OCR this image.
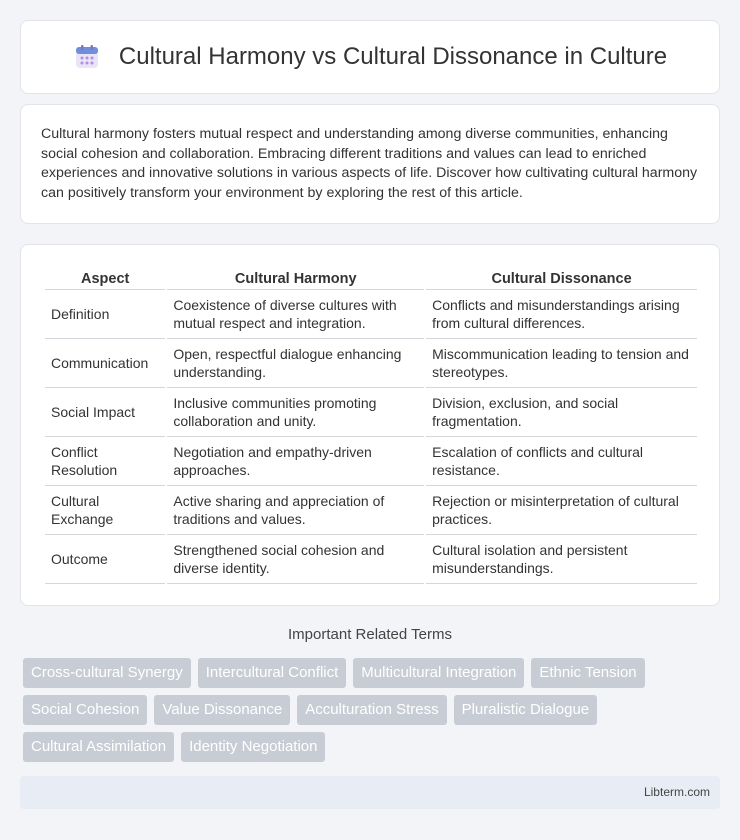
Cultural Harmony vs Cultural Dissonance in Culture

Cultural harmony fosters mutual respect and understanding among diverse communities, enhancing social cohesion and collaboration. Embracing different traditions and values can lead to enriched experiences and innovative solutions in various aspects of life. Discover how cultivating cultural harmony can positively transform your environment by exploring the rest of this article.

Aspect	Cultural Harmony	Cultural Dissonance
Definition	Coexistence of diverse cultures with mutual respect and integration.	Conflicts and misunderstandings arising from cultural differences.
Communication	Open, respectful dialogue enhancing understanding.	Miscommunication leading to tension and stereotypes.
Social Impact	Inclusive communities promoting collaboration and unity.	Division, exclusion, and social fragmentation.
Conflict Resolution	Negotiation and empathy-driven approaches.	Escalation of conflicts and cultural resistance.
Cultural Exchange	Active sharing and appreciation of traditions and values.	Rejection or misinterpretation of cultural practices.
Outcome	Strengthened social cohesion and diverse identity.	Cultural isolation and persistent misunderstandings.
Important Related Terms
Cross-cultural Synergy	Intercultural Conflict	Multicultural Integration	Ethnic Tension
Social Cohesion	Value Dissonance	Acculturation Stress	Pluralistic Dialogue
Cultural Assimilation	Identity Negotiation
Libterm.com
